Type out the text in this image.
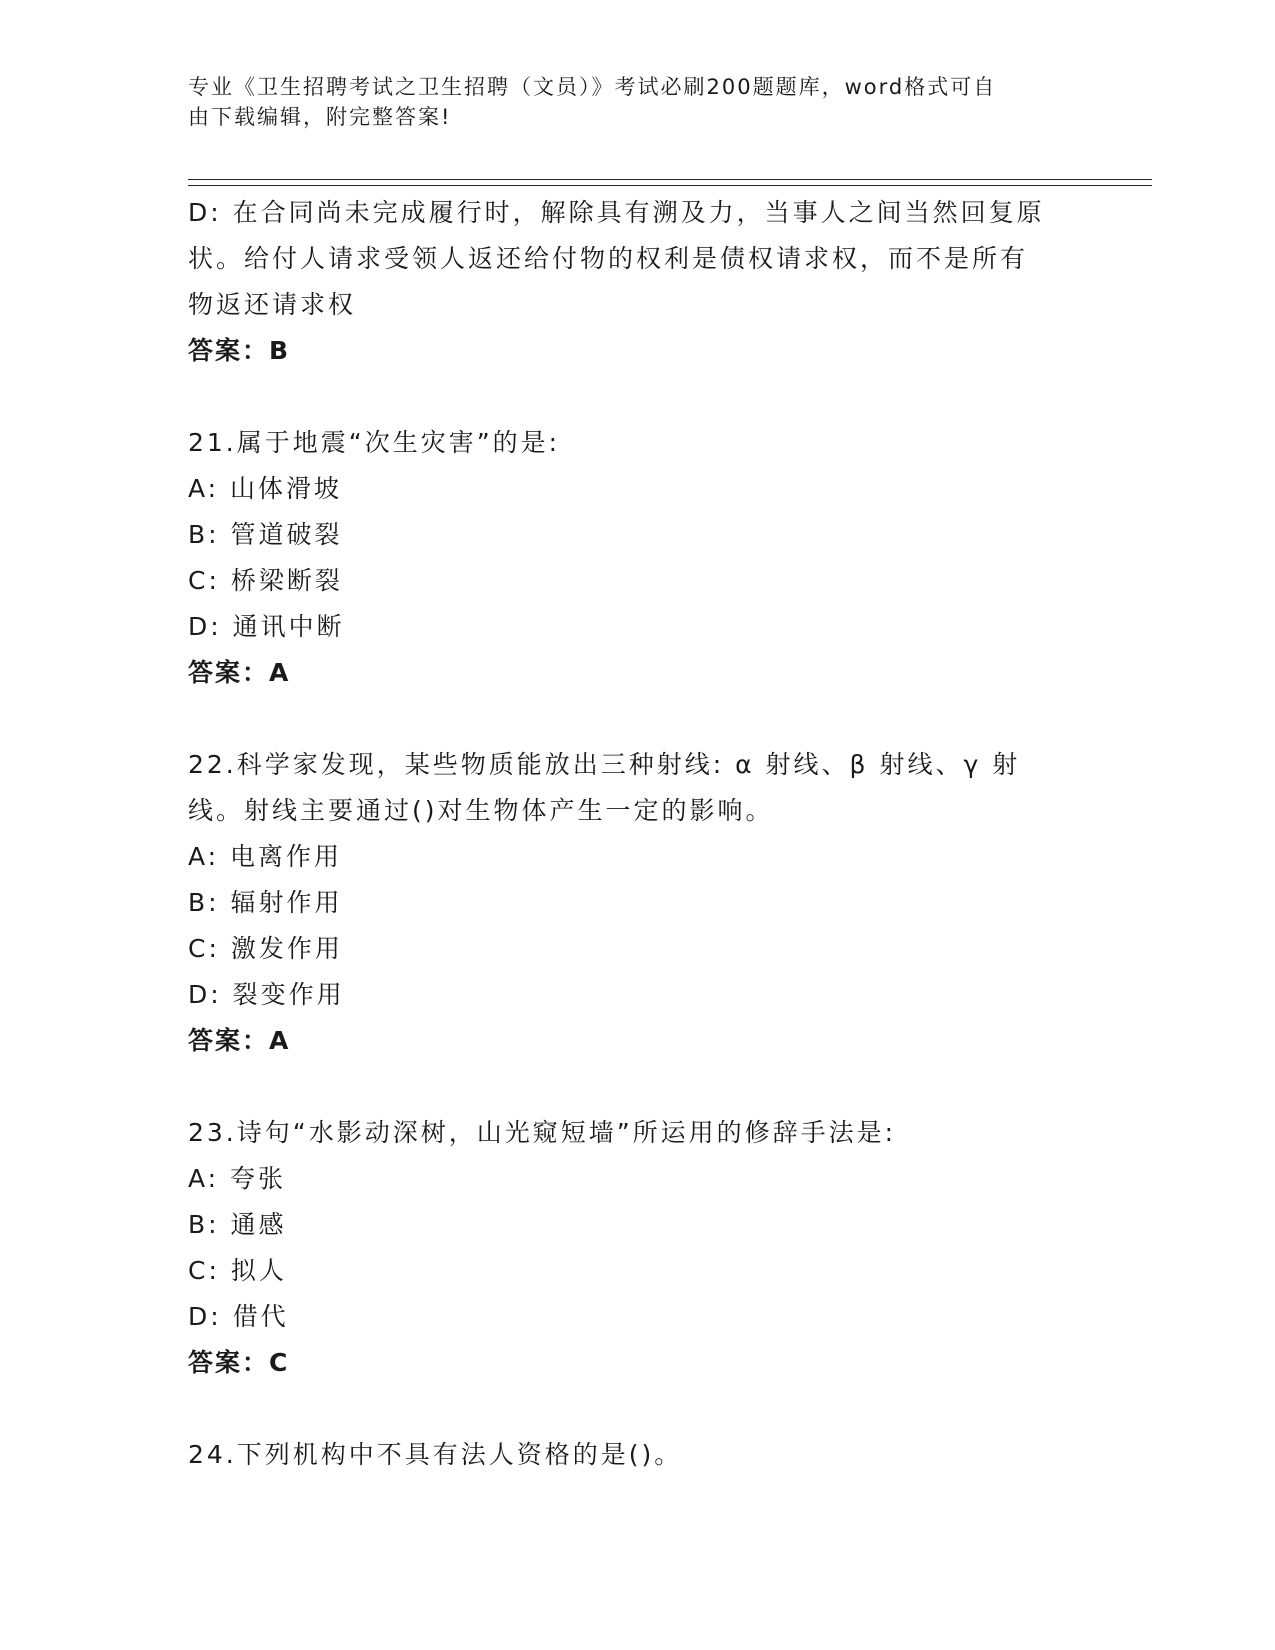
专业《卫生招聘考试之卫生招聘（文员）》考试必刷200题题库，word格式可自
由下载编辑，附完整答案!
D: 在合同尚未完成履行时，解除具有溯及力，当事人之间当然回复原
状。给付人请求受领人返还给付物的权利是债权请求权，而不是所有
物返还请求权
答案：B
21.属于地震“次生灾害”的是:
A: 山体滑坡
B: 管道破裂
C: 桥梁断裂
D: 通讯中断
答案：A
22.科学家发现，某些物质能放出三种射线: α 射线、β 射线、γ 射
线。射线主要通过()对生物体产生一定的影响。
A: 电离作用
B: 辐射作用
C: 激发作用
D: 裂变作用
答案：A
23.诗句“水影动深树，山光窥短墙”所运用的修辞手法是:
A: 夸张
B: 通感
C: 拟人
D: 借代
答案：C
24.下列机构中不具有法人资格的是()。
